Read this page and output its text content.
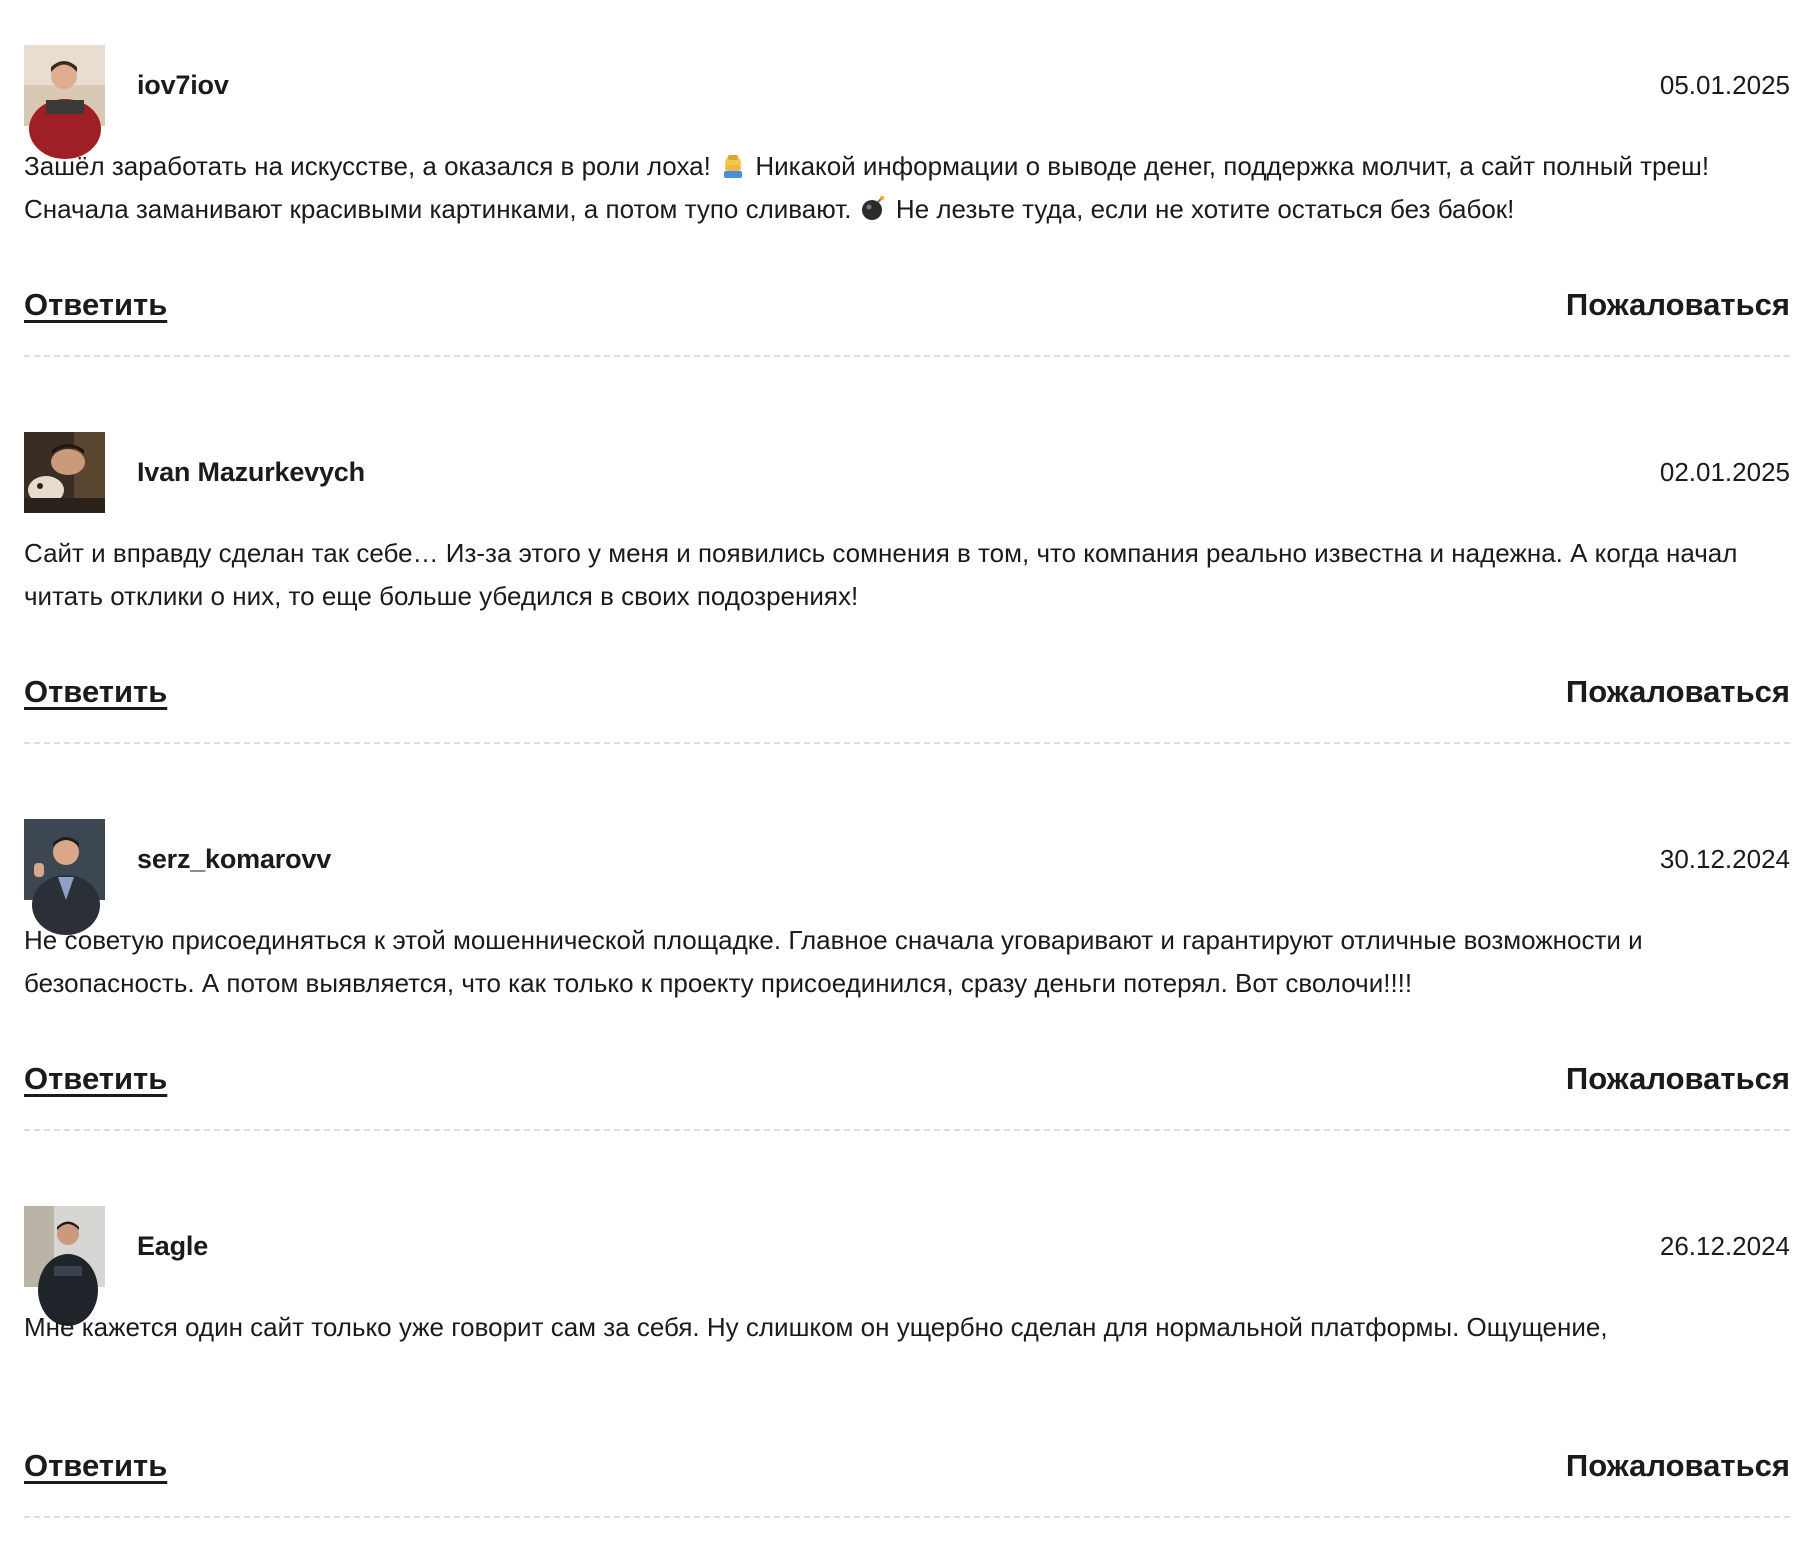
iov7iov	05.01.2025

Зашёл заработать на искусстве, а оказался в роли лоха! Никакой информации о выводе денег, поддержка молчит, а сайт полный треш! Сначала заманивают красивыми картинками, а потом тупо сливают. Не лезьте туда, если не хотите остаться без бабок!

Ответить	Пожаловаться
Ivan Mazurkevych	02.01.2025

Сайт и вправду сделан так себе… Из-за этого у меня и появились сомнения в том, что компания реально известна и надежна. А когда начал читать отклики о них, то еще больше убедился в своих подозрениях!

Ответить	Пожаловаться
serz_komarovv	30.12.2024

Не советую присоединяться к этой мошеннической площадке. Главное сначала уговаривают и гарантируют отличные возможности и безопасность. А потом выявляется, что как только к проекту присоединился, сразу деньги потерял. Вот сволочи!!!!

Ответить	Пожаловаться
Eagle	26.12.2024

Мне кажется один сайт только уже говорит сам за себя. Ну слишком он ущербно сделан для нормальной платформы. Ощущение,

Ответить	Пожаловаться
